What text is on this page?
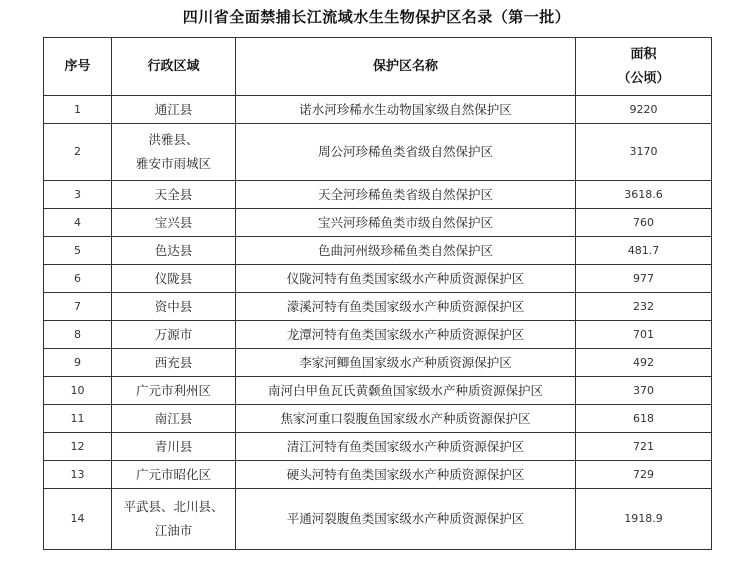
四川省全面禁捕长江流域水生生物保护区名录（第一批）
序号	行政区域	保护区名称	面积
（公顷）

1	通江县	诺水河珍稀水生动物国家级自然保护区	9220
2	洪雅县、
雅安市雨城区	周公河珍稀鱼类省级自然保护区	3170
3	天全县	天全河珍稀鱼类省级自然保护区	3618.6
4	宝兴县	宝兴河珍稀鱼类市级自然保护区	760
5	色达县	色曲河州级珍稀鱼类自然保护区	481.7
6	仪陇县	仪陇河特有鱼类国家级水产种质资源保护区	977
7	资中县	濛溪河特有鱼类国家级水产种质资源保护区	232
8	万源市	龙潭河特有鱼类国家级水产种质资源保护区	701
9	西充县	李家河鲫鱼国家级水产种质资源保护区	492
10	广元市利州区	南河白甲鱼瓦氏黄颡鱼国家级水产种质资源保护区	370
11	南江县	焦家河重口裂腹鱼国家级水产种质资源保护区	618
12	青川县	清江河特有鱼类国家级水产种质资源保护区	721
13	广元市昭化区	硬头河特有鱼类国家级水产种质资源保护区	729
14	平武县、北川县、
江油市	平通河裂腹鱼类国家级水产种质资源保护区	1918.9
